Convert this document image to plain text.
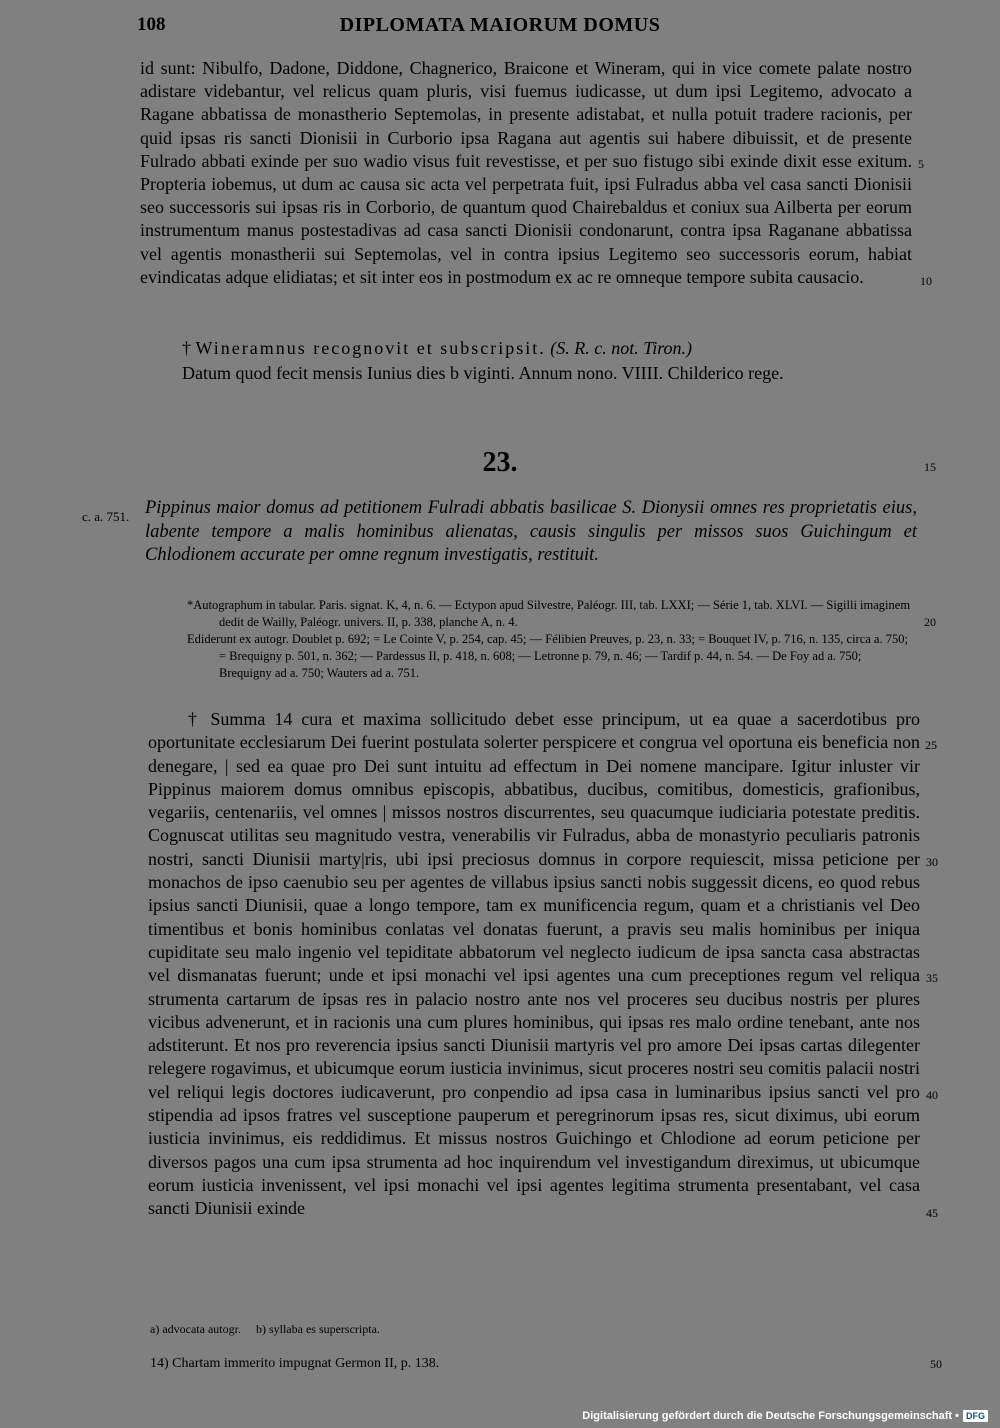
108	DIPLOMATA MAIORUM DOMUS

id sunt: Nibulfo, Dadone, Diddone, Chagnerico, Braicone et Wineram, qui in vice comete palate nostro adistare videbantur, vel relicus quam pluris, visi fuemus iudicasse, ut dum ipsi Legitemo, advocato a Ragane abbatissa de monastherio Septemolas, in presente adistabat, et nulla potuit tradere racionis, per quid ipsas ris sancti Dionisii in Curborio ipsa Ragana aut agentis sui habere dibuissit, et de presente Fulrado abbati exinde per suo wadio visus fuit revestisse, et per suo fistugo sibi exinde dixit esse exitum. Propteria iobemus, ut dum ac causa sic acta vel perpetrata fuit, ipsi Fulradus abba vel casa sancti Dionisii seo successoris sui ipsas ris in Corborio, de quantum quod Chairebaldus et coniux sua Ailberta per eorum instrumentum manus postestadivas ad casa sancti Dionisii condonarunt, contra ipsa Raganane abbatissa vel agentis monastherii sui Septemolas, vel in contra ipsius Legitemo seo successoris eorum, habiat evindicatas adque elidiatas; et sit inter eos in postmodum ex ac re omneque tempore subita causacio.

5
10
† Wineramnus recognovit et subscripsit. (S. R. c. not. Tiron.)
Datum quod fecit mensis Iunius dies b viginti. Annum nono. VIIII. Childerico rege.
23.	15
c. a. 751. Pippinus maior domus ad petitionem Fulradi abbatis basilicae S. Dionysii omnes res proprietatis eius, labente tempore a malis hominibus alienatas, causis singulis per missos suos Guichingum et Chlodionem accurate per omne regnum investigatis, restituit.

*Autographum in tabular. Paris. signat. K, 4, n. 6. — Ectypon apud Silvestre, Paléogr. III, tab. LXXI; — Série 1, tab. XLVI. — Sigilli imaginem dedit de Wailly, Paléogr. univers. II, p. 338, planche A, n. 4.

Ediderunt ex autogr. Doublet p. 692; = Le Cointe V, p. 254, cap. 45; — Félibien Preuves, p. 23, n. 33; = Bouquet IV, p. 716, n. 135, circa a. 750; = Brequigny p. 501, n. 362; — Pardessus II, p. 418, n. 608; — Letronne p. 79, n. 46; — Tardif p. 44, n. 54. — De Foy ad a. 750; Brequigny ad a. 750; Wauters ad a. 751.

20

† Summa 14 cura et maxima sollicitudo debet esse principum, ut ea quae a sacerdotibus pro oportunitate ecclesiarum Dei fuerint postulata solerter perspicere et congrua vel oportuna eis beneficia non denegare, | sed ea quae pro Dei sunt intuitu ad effectum in Dei nomene mancipare. Igitur inluster vir Pippinus maiorem domus omnibus episcopis, abbatibus, ducibus, comitibus, domesticis, grafionibus, vegariis, centenariis, vel omnes | missos nostros discurrentes, seu quacumque iudiciaria potestate preditis. Cognuscat utilitas seu magnitudo vestra, venerabilis vir Fulradus, abba de monastyrio peculiaris patronis nostri, sancti Diunisii marty|ris, ubi ipsi preciosus domnus in corpore requiescit, missa peticione per monachos de ipso caenubio seu per agentes de villabus ipsius sancti nobis suggessit dicens, eo quod rebus ipsius sancti Diunisii, quae a longo tempore, tam ex munificencia regum, quam et a christianis vel Deo timentibus et bonis hominibus conlatas vel donatas fuerunt, a pravis seu malis hominibus per iniqua cupiditate seu malo ingenio vel tepiditate abbatorum vel neglecto iudicum de ipsa sancta casa abstractas vel dismanatas fuerunt; unde et ipsi monachi vel ipsi agentes una cum preceptiones regum vel reliqua strumenta cartarum de ipsas res in palacio nostro ante nos vel proceres seu ducibus nostris per plures vicibus advenerunt, et in racionis una cum plures hominibus, qui ipsas res malo ordine tenebant, ante nos adstiterunt. Et nos pro reverencia ipsius sancti Diunisii martyris vel pro amore Dei ipsas cartas dilegenter relegere rogavimus, et ubicumque eorum iusticia invinimus, sicut proceres nostri seu comitis palacii nostri vel reliqui legis doctores iudicaverunt, pro conpendio ad ipsa casa in luminaribus ipsius sancti vel pro stipendia ad ipsos fratres vel susceptione pauperum et peregrinorum ipsas res, sicut diximus, ubi eorum iusticia invinimus, eis reddidimus. Et missus nostros Guichingo et Chlodione ad eorum peticione per diversos pagos una cum ipsa strumenta ad hoc inquirendum vel investigandum direximus, ut ubicumque eorum iusticia invenissent, vel ipsi monachi vel ipsi agentes legitima strumenta presentabant, vel casa sancti Diunisii exinde

25
30
35
40
45
a) advocata autogr.     b) syllaba es superscripta.
14) Chartam immerito impugnat Germon II, p. 138.	50
Digitalisierung gefördert durch die Deutsche Forschungsgemeinschaft • DFG
